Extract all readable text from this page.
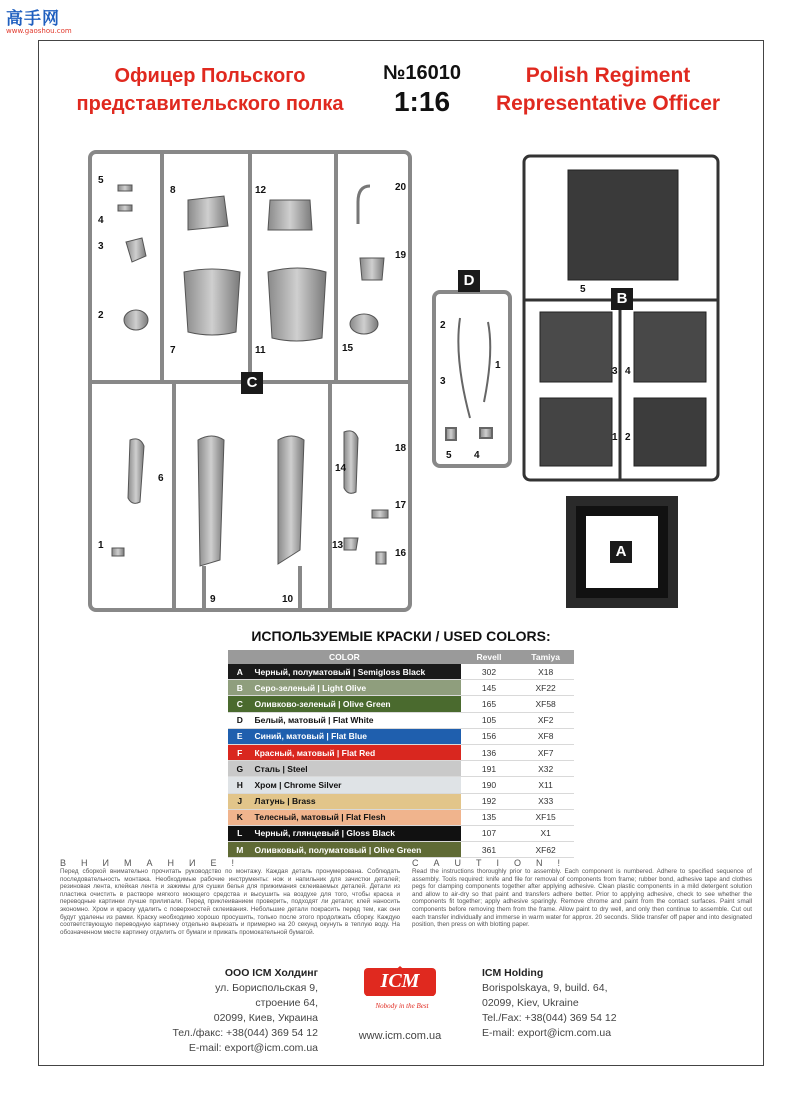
高手网
www.gaoshou.com
Офицер Польского представительского полка
№16010
1:16
Polish Regiment Representative Officer
5
4
3
2
8
7
12
11
20
19
15
6
1
9	10
18
14
17
13
16
2
1
3
5 4
5
3 4
1 2
C
D
B
A
ИСПОЛЬЗУЕМЫЕ КРАСКИ / USED COLORS:
COLOR		Revell	Tamiya
A	Черный, полуматовый | Semigloss Black	302	X18
B	Серо-зеленый | Light Olive	145	XF22
C	Оливково-зеленый | Olive Green	165	XF58
D	Белый, матовый | Flat White	105	XF2
E	Синий, матовый | Flat Blue	156	XF8
F	Красный, матовый | Flat Red	136	XF7
G	Сталь | Steel	191	X32
H	Хром | Chrome Silver	190	X11
J	Латунь | Brass	192	X33
K	Телесный, матовый | Flat Flesh	135	XF15
L	Черный, глянцевый | Gloss Black	107	X1
M	Оливковый, полуматовый | Olive Green	361	XF62
ВНИМАНИЕ!
Перед сборкой внимательно прочитать руководство по монтажу. Каждая деталь пронумерована. Соблюдать последовательность монтажа. Необходимые рабочие инструменты: нож и напильник для зачистки деталей; резиновая лента, клейкая лента и зажимы для сушки белья для прижимания склеиваемых деталей. Детали из пластика очистить в растворе мягкого моющего средства и высушить на воздухе для того, чтобы краска и переводные картинки лучше прилипали. Перед приклеиванием проверить, подходят ли детали; клей наносить экономно. Хром и краску удалить с поверхностей склеивания. Небольшие детали покрасить перед тем, как они будут удалены из рамки. Краску необходимо хорошо просушить, только после этого продолжать сборку. Каждую соответствующую переводную картинку отдельно вырезать и примерно на 20 секунд окунуть в теплую воду. На обозначенном месте картинку отделить от бумаги и прижать промокательной бумагой.
CAUTION!
Read the instructions thoroughly prior to assembly. Each component is numbered. Adhere to specified sequence of assembly. Tools required: knife and file for removal of components from frame; rubber bond, adhesive tape and clothes pegs for clamping components together after applying adhesive. Clean plastic components in a mild detergent solution and allow to air-dry so that paint and transfers adhere better. Prior to applying adhesive, check to see whether the components fit together; apply adhesive sparingly. Remove chrome and paint from the contact surfaces. Paint small components before removing them from the frame. Allow paint to dry well, and only then continue to assemble. Cut out each transfer individually and immerse in warm water for approx. 20 seconds. Slide transfer off paper and into designated position, then press on with blotting paper.
ООО ICM Холдинг
ул. Бориспольская 9, строение 64,
02099, Киев, Украина
Тел./факс: +38(044) 369 54 12
E-mail: export@icm.com.ua
ICM
Nobody in the Best
ICM Holding
Borispolskaya, 9, build. 64,
02099, Kiev, Ukraine
Tel./Fax: +38(044) 369 54 12
E-mail: export@icm.com.ua
www.icm.com.ua
